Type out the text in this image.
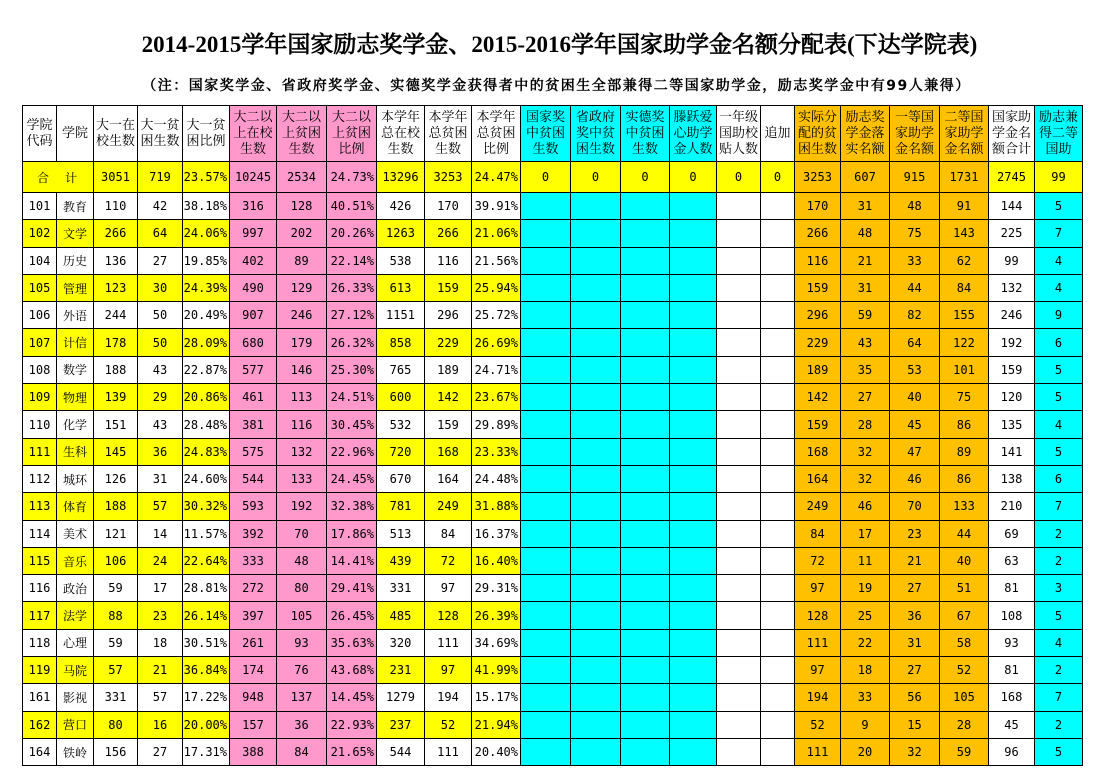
2014-2015学年国家励志奖学金、2015-2016学年国家助学金名额分配表(下达学院表)
（注：国家奖学金、省政府奖学金、实德奖学金获得者中的贫困生全部兼得二等国家助学金，励志奖学金中有99人兼得）
学院代码	学院	大一在校生数	大一贫困生数	大一贫困比例	大二以上在校生数	大二以上贫困生数	大二以上贫困比例	本学年总在校生数	本学年总贫困生数	本学年总贫困比例	国家奖中贫困生数	省政府奖中贫困生数	实德奖中贫困生数	滕跃爱心助学金人数	一年级国助校贴人数	追加	实际分配的贫困生数	励志奖学金落实名额	一等国家助学金名额	二等国家助学金名额	国家助学金名额合计	励志兼得二等国助

合　计		3051	719	23.57%	10245	2534	24.73%	13296	3253	24.47%	0	0	0	0	0	0	3253	607	915	1731	2745	99
101	教育	110	42	38.18%	316	128	40.51%	426	170	39.91%							170	31	48	91	144	5
102	文学	266	64	24.06%	997	202	20.26%	1263	266	21.06%							266	48	75	143	225	7
104	历史	136	27	19.85%	402	89	22.14%	538	116	21.56%							116	21	33	62	99	4
105	管理	123	30	24.39%	490	129	26.33%	613	159	25.94%							159	31	44	84	132	4
106	外语	244	50	20.49%	907	246	27.12%	1151	296	25.72%							296	59	82	155	246	9
107	计信	178	50	28.09%	680	179	26.32%	858	229	26.69%							229	43	64	122	192	6
108	数学	188	43	22.87%	577	146	25.30%	765	189	24.71%							189	35	53	101	159	5
109	物理	139	29	20.86%	461	113	24.51%	600	142	23.67%							142	27	40	75	120	5
110	化学	151	43	28.48%	381	116	30.45%	532	159	29.89%							159	28	45	86	135	4
111	生科	145	36	24.83%	575	132	22.96%	720	168	23.33%							168	32	47	89	141	5
112	城环	126	31	24.60%	544	133	24.45%	670	164	24.48%							164	32	46	86	138	6
113	体育	188	57	30.32%	593	192	32.38%	781	249	31.88%							249	46	70	133	210	7
114	美术	121	14	11.57%	392	70	17.86%	513	84	16.37%							84	17	23	44	69	2
115	音乐	106	24	22.64%	333	48	14.41%	439	72	16.40%							72	11	21	40	63	2
116	政治	59	17	28.81%	272	80	29.41%	331	97	29.31%							97	19	27	51	81	3
117	法学	88	23	26.14%	397	105	26.45%	485	128	26.39%							128	25	36	67	108	5
118	心理	59	18	30.51%	261	93	35.63%	320	111	34.69%							111	22	31	58	93	4
119	马院	57	21	36.84%	174	76	43.68%	231	97	41.99%							97	18	27	52	81	2
161	影视	331	57	17.22%	948	137	14.45%	1279	194	15.17%							194	33	56	105	168	7
162	营口	80	16	20.00%	157	36	22.93%	237	52	21.94%							52	9	15	28	45	2
164	铁岭	156	27	17.31%	388	84	21.65%	544	111	20.40%							111	20	32	59	96	5
